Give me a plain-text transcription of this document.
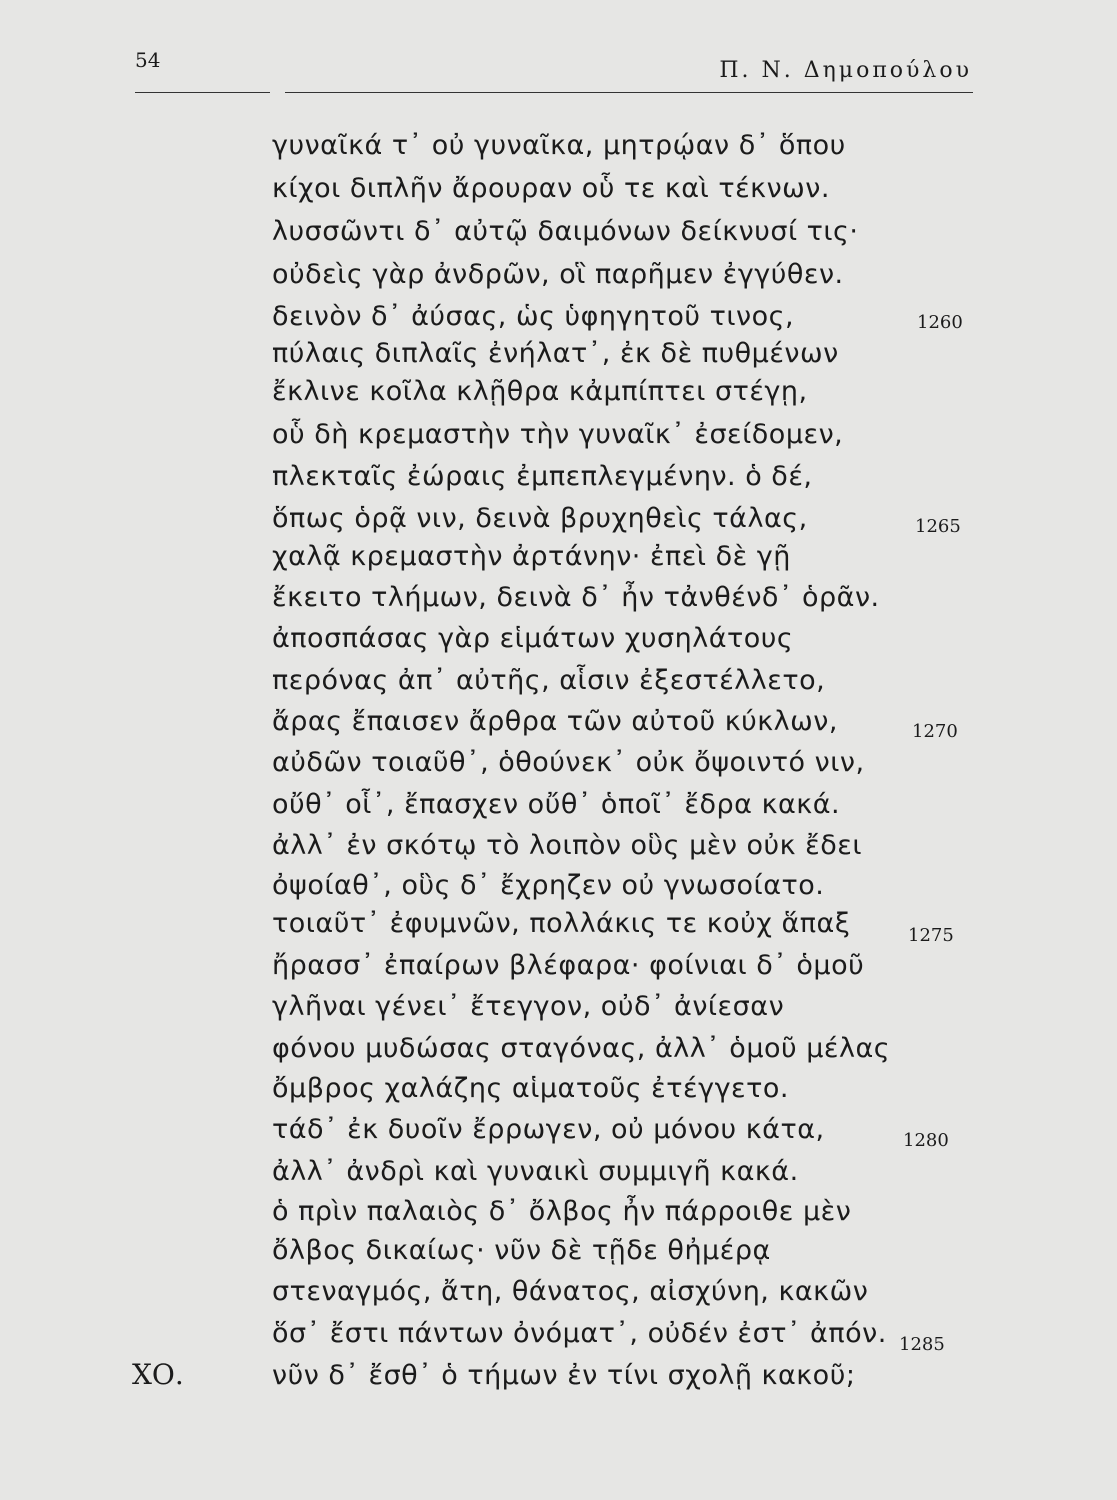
54	Π. Ν. Δημοπούλου
γυναῖκά τ᾽ οὐ γυναῖκα, μητρῴαν δ᾽ ὅπου
κίχοι διπλῆν ἄρουραν οὗ τε καὶ τέκνων.
λυσσῶντι δ᾽ αὐτῷ δαιμόνων δείκνυσί τις·
οὐδεὶς γὰρ ἀνδρῶν, οἳ παρῆμεν ἐγγύθεν.
δεινὸν δ᾽ ἀύσας, ὡς ὑφηγητοῦ τινος,
πύλαις διπλαῖς ἐνήλατ᾽, ἐκ δὲ πυθμένων
ἔκλινε κοῖλα κλῇθρα κἀμπίπτει στέγῃ,
οὗ δὴ κρεμαστὴν τὴν γυναῖκ᾽ ἐσείδομεν,
πλεκταῖς ἐώραις ἐμπεπλεγμένην. ὁ δέ,
ὅπως ὁρᾷ νιν, δεινὰ βρυχηθεὶς τάλας,
χαλᾷ κρεμαστὴν ἀρτάνην· ἐπεὶ δὲ γῇ
ἔκειτο τλήμων, δεινὰ δ᾽ ἦν τἀνθένδ᾽ ὁρᾶν.
ἀποσπάσας γὰρ εἱμάτων χυσηλάτους
περόνας ἀπ᾽ αὐτῆς, αἷσιν ἐξεστέλλετο,
ἄρας ἔπαισεν ἄρθρα τῶν αὐτοῦ κύκλων,
αὐδῶν τοιαῦθ᾽, ὁθούνεκ᾽ οὐκ ὄψοιντό νιν,
οὔθ᾽ οἷ᾽, ἔπασχεν οὔθ᾽ ὁποῖ᾽ ἔδρα κακά.
ἀλλ᾽ ἐν σκότῳ τὸ λοιπὸν οὓς μὲν οὐκ ἔδει
ὀψοίαθ᾽, οὓς δ᾽ ἔχρηζεν οὐ γνωσοίατο.
τοιαῦτ᾽ ἐφυμνῶν, πολλάκις τε κοὐχ ἅπαξ
ἤρασσ᾽ ἐπαίρων βλέφαρα· φοίνιαι δ᾽ ὁμοῦ
γλῆναι γένει᾽ ἔτεγγον, οὐδ᾽ ἀνίεσαν
φόνου μυδώσας σταγόνας, ἀλλ᾽ ὁμοῦ μέλας
ὄμβρος χαλάζης αἱματοῦς ἐτέγγετο.
τάδ᾽ ἐκ δυοῖν ἔρρωγεν, οὐ μόνου κάτα,
ἀλλ᾽ ἀνδρὶ καὶ γυναικὶ συμμιγῆ κακά.
ὁ πρὶν παλαιὸς δ᾽ ὄλβος ἦν πάρροιθε μὲν
ὄλβος δικαίως· νῦν δὲ τῇδε θἠμέρᾳ
στεναγμός, ἄτη, θάνατος, αἰσχύνη, κακῶν
ὅσ᾽ ἔστι πάντων ὀνόματ᾽, οὐδέν ἐστ᾽ ἀπόν.
νῦν δ᾽ ἔσθ᾽ ὁ τήμων ἐν τίνι σχολῇ κακοῦ;
1260
1265
1270
1275
1280
1285
ΧΟ.
